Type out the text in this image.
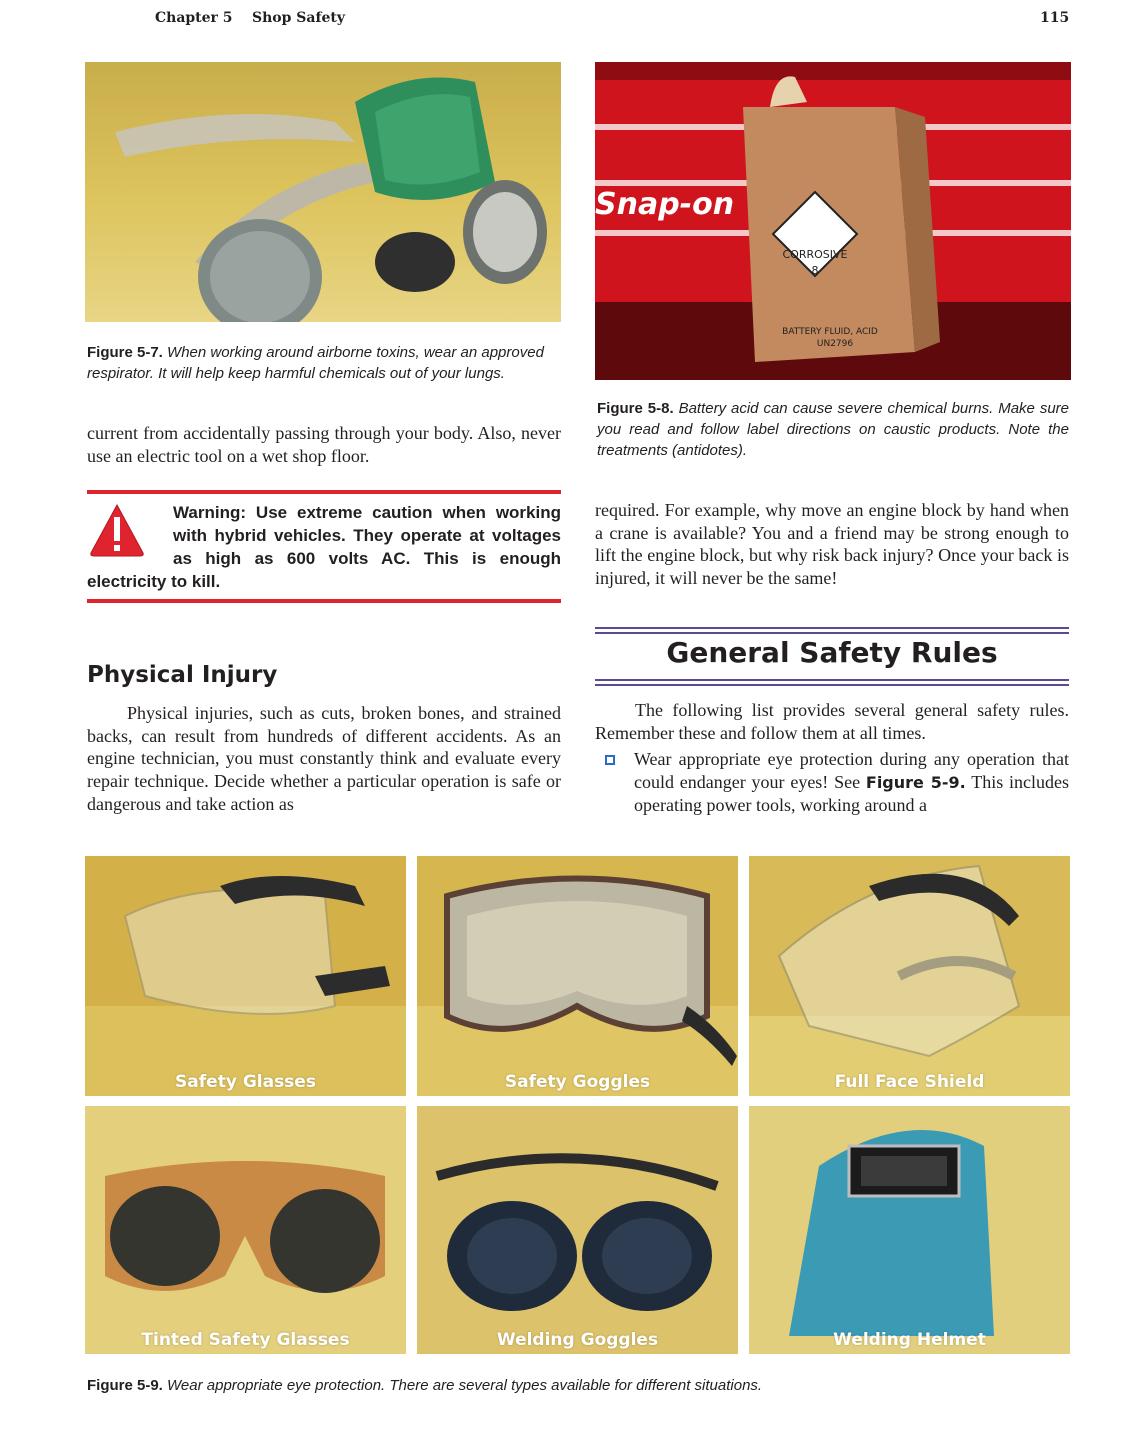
Chapter 5 Shop Safety	115
Figure 5-7. When working around airborne toxins, wear an approved respirator. It will help keep harmful chemicals out of your lungs.
Snap-on
CORROSIVE
8
BATTERY FLUID, ACID
UN2796
Figure 5-8. Battery acid can cause severe chemical burns. Make sure you read and follow label directions on caustic products. Note the treatments (antidotes).

current from accidentally passing through your body. Also, never use an electric tool on a wet shop floor.

Warning: Use extreme caution when working with hybrid vehicles. They operate at voltages as high as 600 volts AC. This is enough electricity to kill.
Physical Injury

Physical injuries, such as cuts, broken bones, and strained backs, can result from hundreds of different accidents. As an engine technician, you must constantly think and evaluate every repair technique. Decide whether a particular operation is safe or dangerous and take action as

required. For example, why move an engine block by hand when a crane is available? You and a friend may be strong enough to lift the engine block, but why risk back injury? Once your back is injured, it will never be the same!

General Safety Rules

The following list provides several general safety rules. Remember these and follow them at all times.

Wear appropriate eye protection during any operation that could endanger your eyes! See Figure 5-9. This includes operating power tools, working around a

Safety Glasses	Safety Goggles	Full Face Shield
Tinted Safety Glasses	Welding Goggles	Welding Helmet
Figure 5-9. Wear appropriate eye protection. There are several types available for different situations.
